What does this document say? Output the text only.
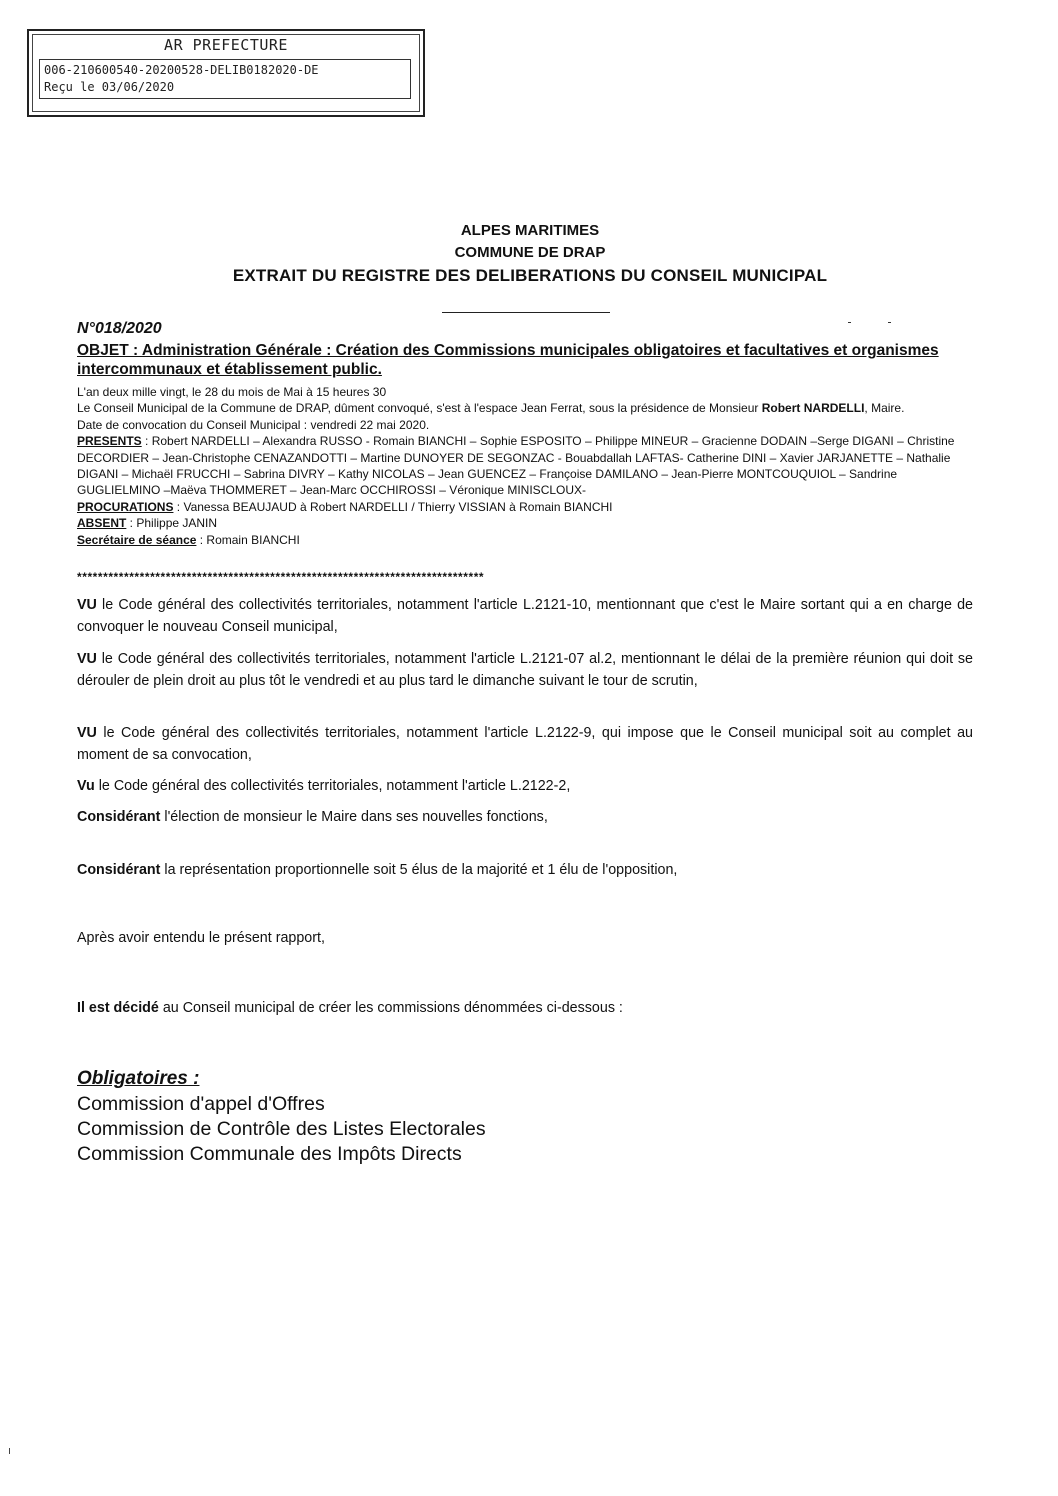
AR PREFECTURE
006-210600540-20200528-DELIB0182020-DE
Reçu le 03/06/2020
ALPES MARITIMES
COMMUNE DE DRAP
EXTRAIT DU REGISTRE DES DELIBERATIONS DU CONSEIL MUNICIPAL
N°018/2020
OBJET : Administration Générale : Création des Commissions municipales obligatoires et facultatives et organismes intercommunaux et établissement public.

L'an deux mille vingt, le 28 du mois de Mai à 15 heures 30

Le Conseil Municipal de la Commune de DRAP, dûment convoqué, s'est à l'espace Jean Ferrat, sous la présidence de Monsieur Robert NARDELLI, Maire.

Date de convocation du Conseil Municipal : vendredi 22 mai 2020.

PRESENTS : Robert NARDELLI – Alexandra RUSSO - Romain BIANCHI – Sophie ESPOSITO – Philippe MINEUR – Gracienne DODAIN –Serge DIGANI – Christine DECORDIER – Jean-Christophe CENAZANDOTTI – Martine DUNOYER DE SEGONZAC - Bouabdallah LAFTAS- Catherine DINI – Xavier JARJANETTE – Nathalie DIGANI – Michaël FRUCCHI – Sabrina DIVRY – Kathy NICOLAS – Jean GUENCEZ – Françoise DAMILANO – Jean-Pierre MONTCOUQUIOL – Sandrine GUGLIELMINO –Maëva THOMMERET – Jean-Marc OCCHIROSSI – Véronique MINISCLOUX-

PROCURATIONS : Vanessa BEAUJAUD à Robert NARDELLI / Thierry VISSIAN à Romain BIANCHI

ABSENT : Philippe JANIN

Secrétaire de séance : Romain BIANCHI

******************************************************************************
VU le Code général des collectivités territoriales, notamment l'article L.2121-10, mentionnant que c'est le Maire sortant qui a en charge de convoquer le nouveau Conseil municipal,
VU le Code général des collectivités territoriales, notamment l'article L.2121-07 al.2, mentionnant le délai de la première réunion qui doit se dérouler de plein droit au plus tôt le vendredi et au plus tard le dimanche suivant le tour de scrutin,
VU le Code général des collectivités territoriales, notamment l'article L.2122-9, qui impose que le Conseil municipal soit au complet au moment de sa convocation,
Vu le Code général des collectivités territoriales, notamment l'article L.2122-2,
Considérant l'élection de monsieur le Maire dans ses nouvelles fonctions,
Considérant la représentation proportionnelle soit 5 élus de la majorité et 1 élu de l'opposition,
Après avoir entendu le présent rapport,
Il est décidé au Conseil municipal de créer les commissions dénommées ci-dessous :
Obligatoires :
Commission d'appel d'Offres
Commission de Contrôle des Listes Electorales
Commission Communale des Impôts Directs
